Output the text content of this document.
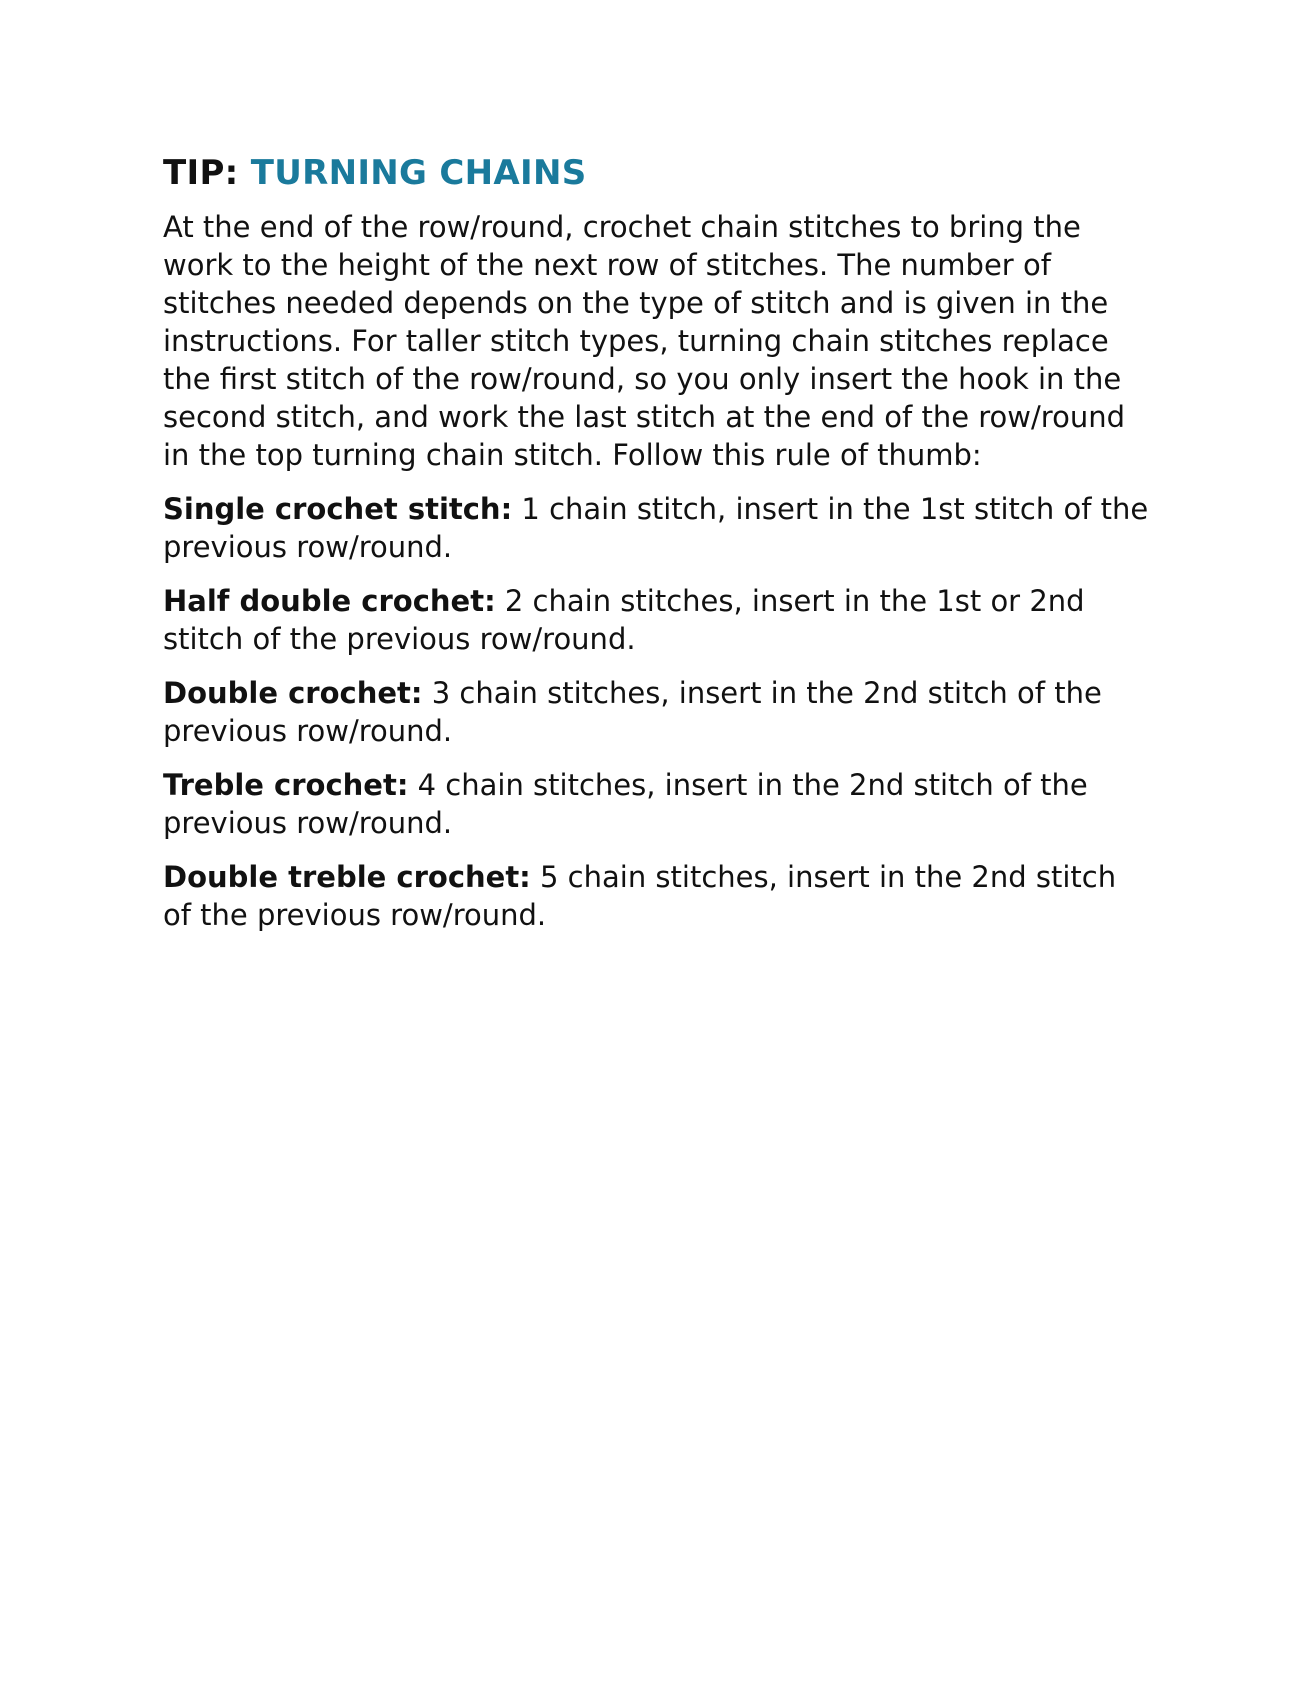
TIP: TURNING CHAINS

At the end of the row/round, crochet chain stitches to bring the work to the height of the next row of stitches. The number of stitches needed depends on the type of stitch and is given in the instructions. For taller stitch types, turning chain stitches replace the first stitch of the row/round, so you only insert the hook in the second stitch, and work the last stitch at the end of the row/round in the top turning chain stitch. Follow this rule of thumb:

Single crochet stitch: 1 chain stitch, insert in the 1st stitch of the previous row/round.

Half double crochet: 2 chain stitches, insert in the 1st or 2nd stitch of the previous row/round.

Double crochet: 3 chain stitches, insert in the 2nd stitch of the previous row/round.

Treble crochet: 4 chain stitches, insert in the 2nd stitch of the previous row/round.

Double treble crochet: 5 chain stitches, insert in the 2nd stitch of the previous row/round.
